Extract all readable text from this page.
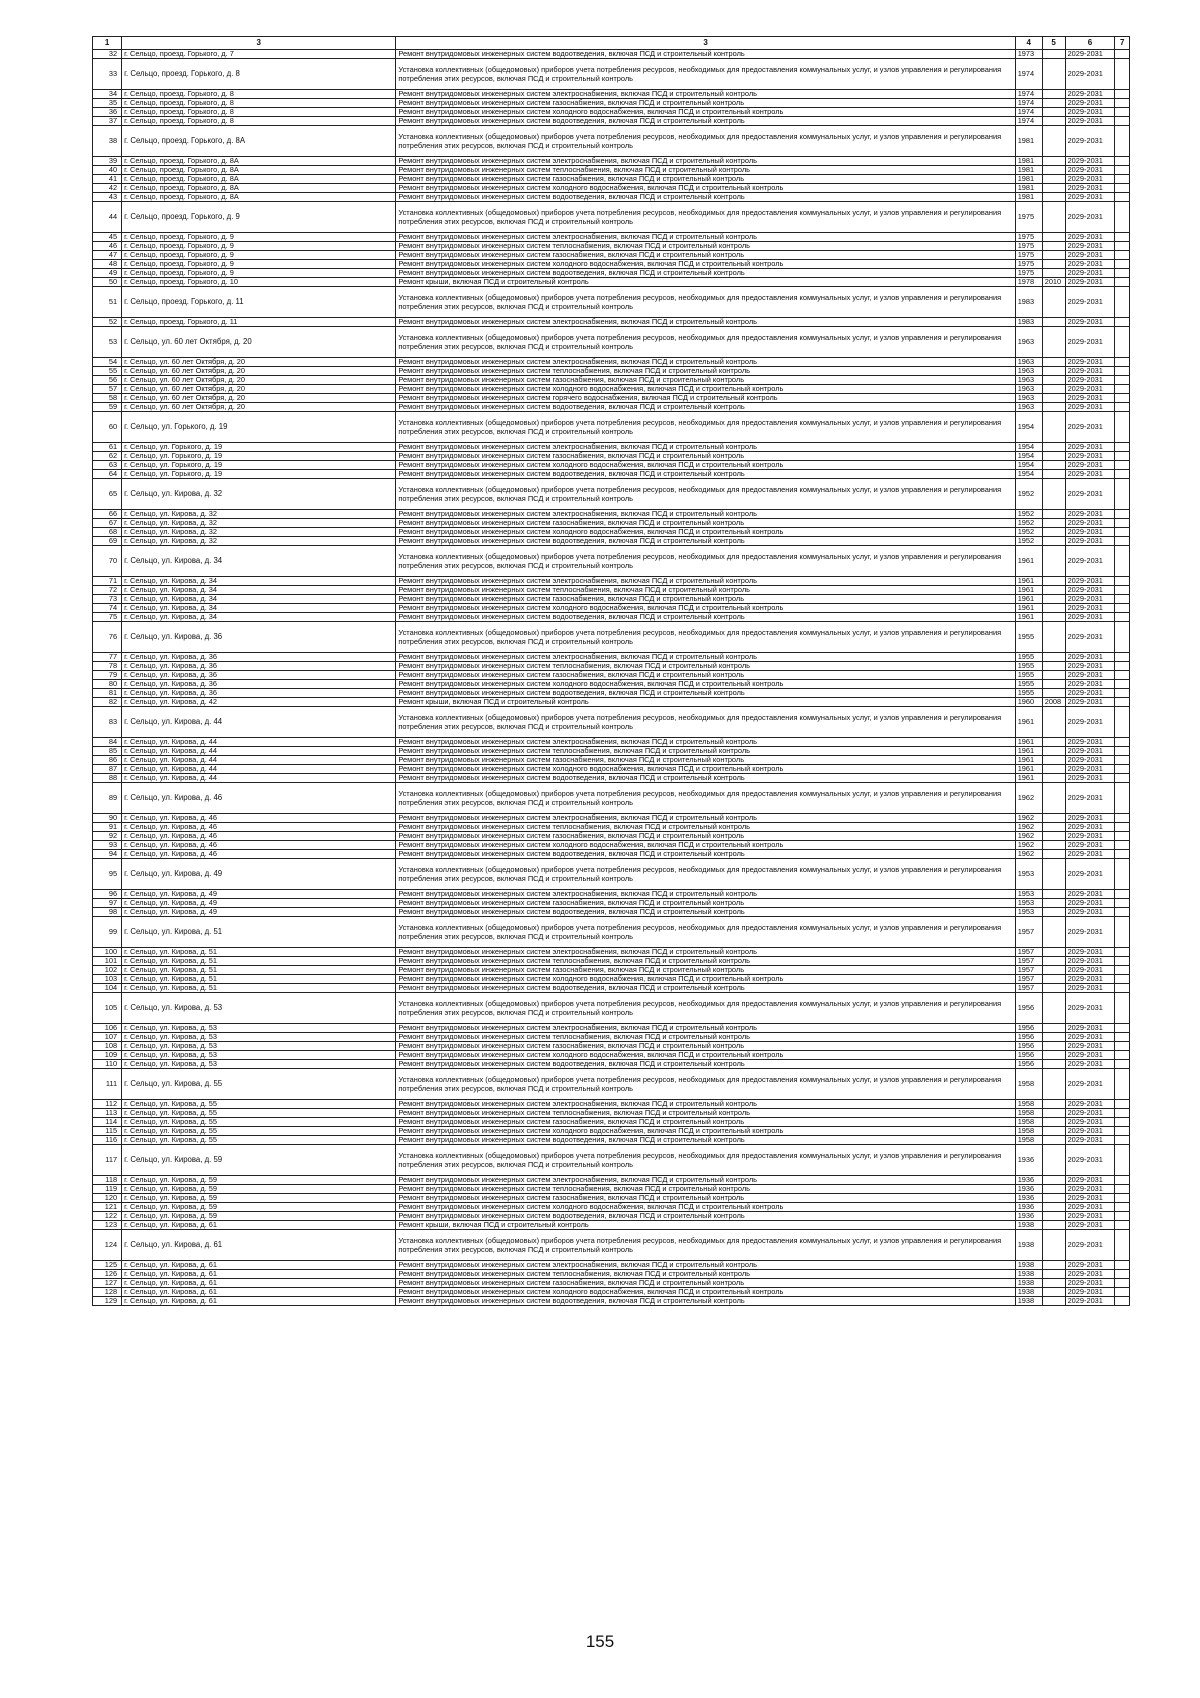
1	3	3	4	5	6	7
32	г. Сельцо, проезд. Горького, д. 7	Ремонт внутридомовых инженерных систем водоотведения, включая ПСД и строительный контроль	1973		2029-2031	
33	г. Сельцо, проезд. Горького, д. 8	Установка коллективных (общедомовых) приборов учета потребления ресурсов, необходимых для предоставления коммунальных услуг, и узлов управления и регулирования потребления этих ресурсов, включая ПСД и строительный контроль	1974		2029-2031	
34	г. Сельцо, проезд. Горького, д. 8	Ремонт внутридомовых инженерных систем электроснабжения, включая ПСД и строительный контроль	1974		2029-2031	
35	г. Сельцо, проезд. Горького, д. 8	Ремонт внутридомовых инженерных систем газоснабжения, включая ПСД и строительный контроль	1974		2029-2031	
36	г. Сельцо, проезд. Горького, д. 8	Ремонт внутридомовых инженерных систем холодного водоснабжения, включая ПСД и строительный контроль	1974		2029-2031	
37	г. Сельцо, проезд. Горького, д. 8	Ремонт внутридомовых инженерных систем водоотведения, включая ПСД и строительный контроль	1974		2029-2031	
38	г. Сельцо, проезд. Горького, д. 8А	Установка коллективных (общедомовых) приборов учета потребления ресурсов, необходимых для предоставления коммунальных услуг, и узлов управления и регулирования потребления этих ресурсов, включая ПСД и строительный контроль	1981		2029-2031	
39	г. Сельцо, проезд. Горького, д. 8А	Ремонт внутридомовых инженерных систем электроснабжения, включая ПСД и строительный контроль	1981		2029-2031	
40	г. Сельцо, проезд. Горького, д. 8А	Ремонт внутридомовых инженерных систем теплоснабжения, включая ПСД и строительный контроль	1981		2029-2031	
41	г. Сельцо, проезд. Горького, д. 8А	Ремонт внутридомовых инженерных систем газоснабжения, включая ПСД и строительный контроль	1981		2029-2031	
42	г. Сельцо, проезд. Горького, д. 8А	Ремонт внутридомовых инженерных систем холодного водоснабжения, включая ПСД и строительный контроль	1981		2029-2031	
43	г. Сельцо, проезд. Горького, д. 8А	Ремонт внутридомовых инженерных систем водоотведения, включая ПСД и строительный контроль	1981		2029-2031	
44	г. Сельцо, проезд. Горького, д. 9	Установка коллективных (общедомовых) приборов учета потребления ресурсов, необходимых для предоставления коммунальных услуг, и узлов управления и регулирования потребления этих ресурсов, включая ПСД и строительный контроль	1975		2029-2031	
45	г. Сельцо, проезд. Горького, д. 9	Ремонт внутридомовых инженерных систем электроснабжения, включая ПСД и строительный контроль	1975		2029-2031	
46	г. Сельцо, проезд. Горького, д. 9	Ремонт внутридомовых инженерных систем теплоснабжения, включая ПСД и строительный контроль	1975		2029-2031	
47	г. Сельцо, проезд. Горького, д. 9	Ремонт внутридомовых инженерных систем газоснабжения, включая ПСД и строительный контроль	1975		2029-2031	
48	г. Сельцо, проезд. Горького, д. 9	Ремонт внутридомовых инженерных систем холодного водоснабжения, включая ПСД и строительный контроль	1975		2029-2031	
49	г. Сельцо, проезд. Горького, д. 9	Ремонт внутридомовых инженерных систем водоотведения, включая ПСД и строительный контроль	1975		2029-2031	
50	г. Сельцо, проезд. Горького, д. 10	Ремонт крыши, включая ПСД и строительный контроль	1978	2010	2029-2031	
51	г. Сельцо, проезд. Горького, д. 11	Установка коллективных (общедомовых) приборов учета потребления ресурсов, необходимых для предоставления коммунальных услуг, и узлов управления и регулирования потребления этих ресурсов, включая ПСД и строительный контроль	1983		2029-2031	
52	г. Сельцо, проезд. Горького, д. 11	Ремонт внутридомовых инженерных систем электроснабжения, включая ПСД и строительный контроль	1983		2029-2031	
53	г. Сельцо, ул. 60 лет Октября, д. 20	Установка коллективных (общедомовых) приборов учета потребления ресурсов, необходимых для предоставления коммунальных услуг, и узлов управления и регулирования потребления этих ресурсов, включая ПСД и строительный контроль	1963		2029-2031	
54	г. Сельцо, ул. 60 лет Октября, д. 20	Ремонт внутридомовых инженерных систем электроснабжения, включая ПСД и строительный контроль	1963		2029-2031	
55	г. Сельцо, ул. 60 лет Октября, д. 20	Ремонт внутридомовых инженерных систем теплоснабжения, включая ПСД и строительный контроль	1963		2029-2031	
56	г. Сельцо, ул. 60 лет Октября, д. 20	Ремонт внутридомовых инженерных систем газоснабжения, включая ПСД и строительный контроль	1963		2029-2031	
57	г. Сельцо, ул. 60 лет Октября, д. 20	Ремонт внутридомовых инженерных систем холодного водоснабжения, включая ПСД и строительный контроль	1963		2029-2031	
58	г. Сельцо, ул. 60 лет Октября, д. 20	Ремонт внутридомовых инженерных систем горячего водоснабжения, включая ПСД и строительный контроль	1963		2029-2031	
59	г. Сельцо, ул. 60 лет Октября, д. 20	Ремонт внутридомовых инженерных систем водоотведения, включая ПСД и строительный контроль	1963		2029-2031	
60	г. Сельцо, ул. Горького, д. 19	Установка коллективных (общедомовых) приборов учета потребления ресурсов, необходимых для предоставления коммунальных услуг, и узлов управления и регулирования потребления этих ресурсов, включая ПСД и строительный контроль	1954		2029-2031	
61	г. Сельцо, ул. Горького, д. 19	Ремонт внутридомовых инженерных систем электроснабжения, включая ПСД и строительный контроль	1954		2029-2031	
62	г. Сельцо, ул. Горького, д. 19	Ремонт внутридомовых инженерных систем газоснабжения, включая ПСД и строительный контроль	1954		2029-2031	
63	г. Сельцо, ул. Горького, д. 19	Ремонт внутридомовых инженерных систем холодного водоснабжения, включая ПСД и строительный контроль	1954		2029-2031	
64	г. Сельцо, ул. Горького, д. 19	Ремонт внутридомовых инженерных систем водоотведения, включая ПСД и строительный контроль	1954		2029-2031	
65	г. Сельцо, ул. Кирова, д. 32	Установка коллективных (общедомовых) приборов учета потребления ресурсов, необходимых для предоставления коммунальных услуг, и узлов управления и регулирования потребления этих ресурсов, включая ПСД и строительный контроль	1952		2029-2031	
66	г. Сельцо, ул. Кирова, д. 32	Ремонт внутридомовых инженерных систем электроснабжения, включая ПСД и строительный контроль	1952		2029-2031	
67	г. Сельцо, ул. Кирова, д. 32	Ремонт внутридомовых инженерных систем газоснабжения, включая ПСД и строительный контроль	1952		2029-2031	
68	г. Сельцо, ул. Кирова, д. 32	Ремонт внутридомовых инженерных систем холодного водоснабжения, включая ПСД и строительный контроль	1952		2029-2031	
69	г. Сельцо, ул. Кирова, д. 32	Ремонт внутридомовых инженерных систем водоотведения, включая ПСД и строительный контроль	1952		2029-2031	
70	г. Сельцо, ул. Кирова, д. 34	Установка коллективных (общедомовых) приборов учета потребления ресурсов, необходимых для предоставления коммунальных услуг, и узлов управления и регулирования потребления этих ресурсов, включая ПСД и строительный контроль	1961		2029-2031	
71	г. Сельцо, ул. Кирова, д. 34	Ремонт внутридомовых инженерных систем электроснабжения, включая ПСД и строительный контроль	1961		2029-2031	
72	г. Сельцо, ул. Кирова, д. 34	Ремонт внутридомовых инженерных систем теплоснабжения, включая ПСД и строительный контроль	1961		2029-2031	
73	г. Сельцо, ул. Кирова, д. 34	Ремонт внутридомовых инженерных систем газоснабжения, включая ПСД и строительный контроль	1961		2029-2031	
74	г. Сельцо, ул. Кирова, д. 34	Ремонт внутридомовых инженерных систем холодного водоснабжения, включая ПСД и строительный контроль	1961		2029-2031	
75	г. Сельцо, ул. Кирова, д. 34	Ремонт внутридомовых инженерных систем водоотведения, включая ПСД и строительный контроль	1961		2029-2031	
76	г. Сельцо, ул. Кирова, д. 36	Установка коллективных (общедомовых) приборов учета потребления ресурсов, необходимых для предоставления коммунальных услуг, и узлов управления и регулирования потребления этих ресурсов, включая ПСД и строительный контроль	1955		2029-2031	
77	г. Сельцо, ул. Кирова, д. 36	Ремонт внутридомовых инженерных систем электроснабжения, включая ПСД и строительный контроль	1955		2029-2031	
78	г. Сельцо, ул. Кирова, д. 36	Ремонт внутридомовых инженерных систем теплоснабжения, включая ПСД и строительный контроль	1955		2029-2031	
79	г. Сельцо, ул. Кирова, д. 36	Ремонт внутридомовых инженерных систем газоснабжения, включая ПСД и строительный контроль	1955		2029-2031	
80	г. Сельцо, ул. Кирова, д. 36	Ремонт внутридомовых инженерных систем холодного водоснабжения, включая ПСД и строительный контроль	1955		2029-2031	
81	г. Сельцо, ул. Кирова, д. 36	Ремонт внутридомовых инженерных систем водоотведения, включая ПСД и строительный контроль	1955		2029-2031	
82	г. Сельцо, ул. Кирова, д. 42	Ремонт крыши, включая ПСД и строительный контроль	1960	2008	2029-2031	
83	г. Сельцо, ул. Кирова, д. 44	Установка коллективных (общедомовых) приборов учета потребления ресурсов, необходимых для предоставления коммунальных услуг, и узлов управления и регулирования потребления этих ресурсов, включая ПСД и строительный контроль	1961		2029-2031	
84	г. Сельцо, ул. Кирова, д. 44	Ремонт внутридомовых инженерных систем электроснабжения, включая ПСД и строительный контроль	1961		2029-2031	
85	г. Сельцо, ул. Кирова, д. 44	Ремонт внутридомовых инженерных систем теплоснабжения, включая ПСД и строительный контроль	1961		2029-2031	
86	г. Сельцо, ул. Кирова, д. 44	Ремонт внутридомовых инженерных систем газоснабжения, включая ПСД и строительный контроль	1961		2029-2031	
87	г. Сельцо, ул. Кирова, д. 44	Ремонт внутридомовых инженерных систем холодного водоснабжения, включая ПСД и строительный контроль	1961		2029-2031	
88	г. Сельцо, ул. Кирова, д. 44	Ремонт внутридомовых инженерных систем водоотведения, включая ПСД и строительный контроль	1961		2029-2031	
89	г. Сельцо, ул. Кирова, д. 46	Установка коллективных (общедомовых) приборов учета потребления ресурсов, необходимых для предоставления коммунальных услуг, и узлов управления и регулирования потребления этих ресурсов, включая ПСД и строительный контроль	1962		2029-2031	
90	г. Сельцо, ул. Кирова, д. 46	Ремонт внутридомовых инженерных систем электроснабжения, включая ПСД и строительный контроль	1962		2029-2031	
91	г. Сельцо, ул. Кирова, д. 46	Ремонт внутридомовых инженерных систем теплоснабжения, включая ПСД и строительный контроль	1962		2029-2031	
92	г. Сельцо, ул. Кирова, д. 46	Ремонт внутридомовых инженерных систем газоснабжения, включая ПСД и строительный контроль	1962		2029-2031	
93	г. Сельцо, ул. Кирова, д. 46	Ремонт внутридомовых инженерных систем холодного водоснабжения, включая ПСД и строительный контроль	1962		2029-2031	
94	г. Сельцо, ул. Кирова, д. 46	Ремонт внутридомовых инженерных систем водоотведения, включая ПСД и строительный контроль	1962		2029-2031	
95	г. Сельцо, ул. Кирова, д. 49	Установка коллективных (общедомовых) приборов учета потребления ресурсов, необходимых для предоставления коммунальных услуг, и узлов управления и регулирования потребления этих ресурсов, включая ПСД и строительный контроль	1953		2029-2031	
96	г. Сельцо, ул. Кирова, д. 49	Ремонт внутридомовых инженерных систем электроснабжения, включая ПСД и строительный контроль	1953		2029-2031	
97	г. Сельцо, ул. Кирова, д. 49	Ремонт внутридомовых инженерных систем газоснабжения, включая ПСД и строительный контроль	1953		2029-2031	
98	г. Сельцо, ул. Кирова, д. 49	Ремонт внутридомовых инженерных систем водоотведения, включая ПСД и строительный контроль	1953		2029-2031	
99	г. Сельцо, ул. Кирова, д. 51	Установка коллективных (общедомовых) приборов учета потребления ресурсов, необходимых для предоставления коммунальных услуг, и узлов управления и регулирования потребления этих ресурсов, включая ПСД и строительный контроль	1957		2029-2031	
100	г. Сельцо, ул. Кирова, д. 51	Ремонт внутридомовых инженерных систем электроснабжения, включая ПСД и строительный контроль	1957		2029-2031	
101	г. Сельцо, ул. Кирова, д. 51	Ремонт внутридомовых инженерных систем теплоснабжения, включая ПСД и строительный контроль	1957		2029-2031	
102	г. Сельцо, ул. Кирова, д. 51	Ремонт внутридомовых инженерных систем газоснабжения, включая ПСД и строительный контроль	1957		2029-2031	
103	г. Сельцо, ул. Кирова, д. 51	Ремонт внутридомовых инженерных систем холодного водоснабжения, включая ПСД и строительный контроль	1957		2029-2031	
104	г. Сельцо, ул. Кирова, д. 51	Ремонт внутридомовых инженерных систем водоотведения, включая ПСД и строительный контроль	1957		2029-2031	
105	г. Сельцо, ул. Кирова, д. 53	Установка коллективных (общедомовых) приборов учета потребления ресурсов, необходимых для предоставления коммунальных услуг, и узлов управления и регулирования потребления этих ресурсов, включая ПСД и строительный контроль	1956		2029-2031	
106	г. Сельцо, ул. Кирова, д. 53	Ремонт внутридомовых инженерных систем электроснабжения, включая ПСД и строительный контроль	1956		2029-2031	
107	г. Сельцо, ул. Кирова, д. 53	Ремонт внутридомовых инженерных систем теплоснабжения, включая ПСД и строительный контроль	1956		2029-2031	
108	г. Сельцо, ул. Кирова, д. 53	Ремонт внутридомовых инженерных систем газоснабжения, включая ПСД и строительный контроль	1956		2029-2031	
109	г. Сельцо, ул. Кирова, д. 53	Ремонт внутридомовых инженерных систем холодного водоснабжения, включая ПСД и строительный контроль	1956		2029-2031	
110	г. Сельцо, ул. Кирова, д. 53	Ремонт внутридомовых инженерных систем водоотведения, включая ПСД и строительный контроль	1956		2029-2031	
111	г. Сельцо, ул. Кирова, д. 55	Установка коллективных (общедомовых) приборов учета потребления ресурсов, необходимых для предоставления коммунальных услуг, и узлов управления и регулирования потребления этих ресурсов, включая ПСД и строительный контроль	1958		2029-2031	
112	г. Сельцо, ул. Кирова, д. 55	Ремонт внутридомовых инженерных систем электроснабжения, включая ПСД и строительный контроль	1958		2029-2031	
113	г. Сельцо, ул. Кирова, д. 55	Ремонт внутридомовых инженерных систем теплоснабжения, включая ПСД и строительный контроль	1958		2029-2031	
114	г. Сельцо, ул. Кирова, д. 55	Ремонт внутридомовых инженерных систем газоснабжения, включая ПСД и строительный контроль	1958		2029-2031	
115	г. Сельцо, ул. Кирова, д. 55	Ремонт внутридомовых инженерных систем холодного водоснабжения, включая ПСД и строительный контроль	1958		2029-2031	
116	г. Сельцо, ул. Кирова, д. 55	Ремонт внутридомовых инженерных систем водоотведения, включая ПСД и строительный контроль	1958		2029-2031	
117	г. Сельцо, ул. Кирова, д. 59	Установка коллективных (общедомовых) приборов учета потребления ресурсов, необходимых для предоставления коммунальных услуг, и узлов управления и регулирования потребления этих ресурсов, включая ПСД и строительный контроль	1936		2029-2031	
118	г. Сельцо, ул. Кирова, д. 59	Ремонт внутридомовых инженерных систем электроснабжения, включая ПСД и строительный контроль	1936		2029-2031	
119	г. Сельцо, ул. Кирова, д. 59	Ремонт внутридомовых инженерных систем теплоснабжения, включая ПСД и строительный контроль	1936		2029-2031	
120	г. Сельцо, ул. Кирова, д. 59	Ремонт внутридомовых инженерных систем газоснабжения, включая ПСД и строительный контроль	1936		2029-2031	
121	г. Сельцо, ул. Кирова, д. 59	Ремонт внутридомовых инженерных систем холодного водоснабжения, включая ПСД и строительный контроль	1936		2029-2031	
122	г. Сельцо, ул. Кирова, д. 59	Ремонт внутридомовых инженерных систем водоотведения, включая ПСД и строительный контроль	1936		2029-2031	
123	г. Сельцо, ул. Кирова, д. 61	Ремонт крыши, включая ПСД и строительный контроль	1938		2029-2031	
124	г. Сельцо, ул. Кирова, д. 61	Установка коллективных (общедомовых) приборов учета потребления ресурсов, необходимых для предоставления коммунальных услуг, и узлов управления и регулирования потребления этих ресурсов, включая ПСД и строительный контроль	1938		2029-2031	
125	г. Сельцо, ул. Кирова, д. 61	Ремонт внутридомовых инженерных систем электроснабжения, включая ПСД и строительный контроль	1938		2029-2031	
126	г. Сельцо, ул. Кирова, д. 61	Ремонт внутридомовых инженерных систем теплоснабжения, включая ПСД и строительный контроль	1938		2029-2031	
127	г. Сельцо, ул. Кирова, д. 61	Ремонт внутридомовых инженерных систем газоснабжения, включая ПСД и строительный контроль	1938		2029-2031	
128	г. Сельцо, ул. Кирова, д. 61	Ремонт внутридомовых инженерных систем холодного водоснабжения, включая ПСД и строительный контроль	1938		2029-2031	
129	г. Сельцо, ул. Кирова, д. 61	Ремонт внутридомовых инженерных систем водоотведения, включая ПСД и строительный контроль	1938		2029-2031	
155
